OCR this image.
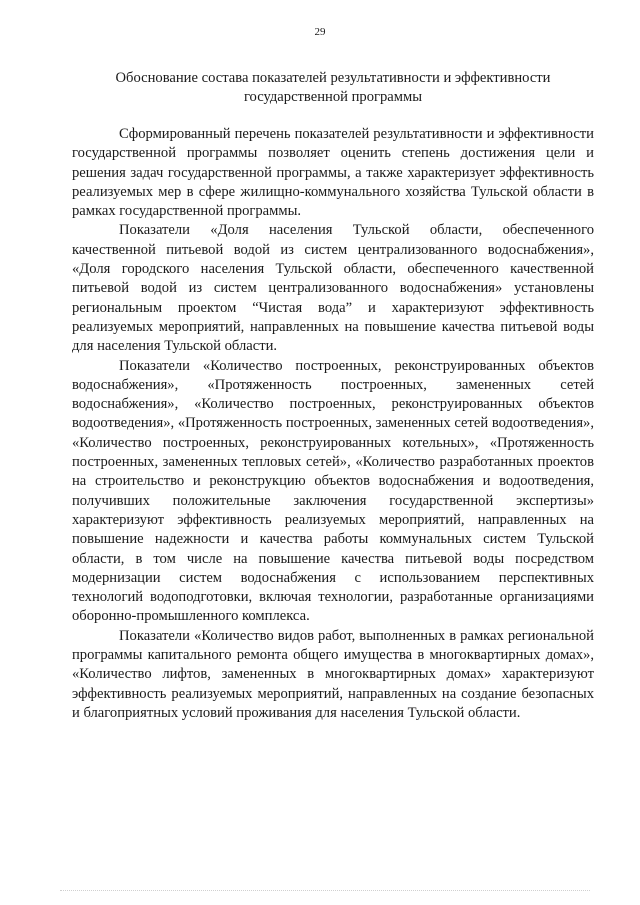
29
Обоснование состава показателей результативности и эффективности
государственной программы

Сформированный перечень показателей результативности и эффективности государственной программы позволяет оценить степень достижения цели и решения задач государственной программы, а также характеризует эффективность реализуемых мер в сфере жилищно-коммунального хозяйства Тульской области в рамках государственной программы.

Показатели «Доля населения Тульской области, обеспеченного качественной питьевой водой из систем централизованного водоснабжения», «Доля городского населения Тульской области, обеспеченного качественной питьевой водой из систем централизованного водоснабжения» установлены региональным проектом “Чистая вода” и характеризуют эффективность реализуемых мероприятий, направленных на повышение качества питьевой воды для населения Тульской области.

Показатели «Количество построенных, реконструированных объектов водоснабжения», «Протяженность построенных, замененных сетей водоснабжения», «Количество построенных, реконструированных объектов водоотведения», «Протяженность построенных, замененных сетей водоотведения», «Количество построенных, реконструированных котельных», «Протяженность построенных, замененных тепловых сетей», «Количество разработанных проектов на строительство и реконструкцию объектов водоснабжения и водоотведения, получивших положительные заключения государственной экспертизы» характеризуют эффективность реализуемых мероприятий, направленных на повышение надежности и качества работы коммунальных систем Тульской области, в том числе на повышение качества питьевой воды посредством модернизации систем водоснабжения с использованием перспективных технологий водоподготовки, включая технологии, разработанные организациями оборонно-промышленного комплекса.

Показатели «Количество видов работ, выполненных в рамках региональной программы капитального ремонта общего имущества в многоквартирных домах», «Количество лифтов, замененных в многоквартирных домах» характеризуют эффективность реализуемых мероприятий, направленных на создание безопасных и благоприятных условий проживания для населения Тульской области.
